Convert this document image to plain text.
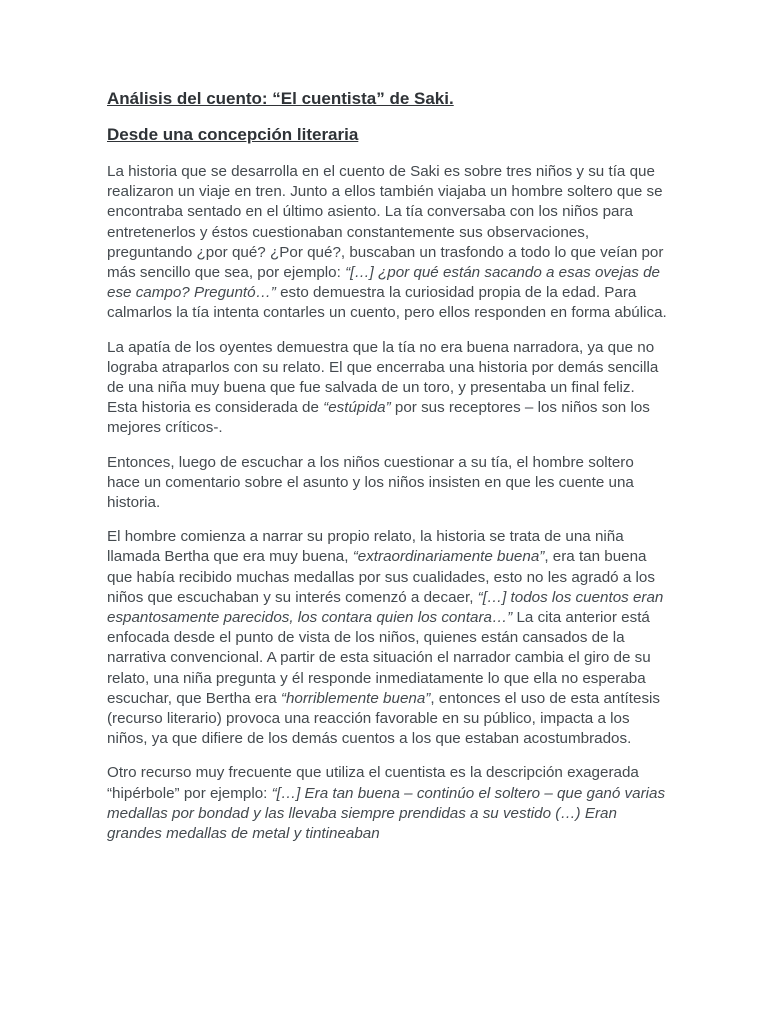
Análisis del cuento: “El cuentista” de Saki.
Desde una concepción literaria

La historia que se desarrolla en el cuento de Saki es sobre tres niños y su tía que realizaron un viaje en tren. Junto a ellos también viajaba un hombre soltero que se encontraba sentado en el último asiento. La tía conversaba con los niños para entretenerlos y éstos cuestionaban constantemente sus observaciones, preguntando ¿por qué? ¿Por qué?, buscaban un trasfondo a todo lo que veían por más sencillo que sea, por ejemplo: “[…] ¿por qué están sacando a esas ovejas de ese campo? Preguntó…” esto demuestra la curiosidad propia de la edad. Para calmarlos la tía intenta contarles un cuento, pero ellos responden en forma abúlica.

La apatía de los oyentes demuestra que la tía no era buena narradora, ya que no lograba atraparlos con su relato. El que encerraba una historia por demás sencilla de una niña muy buena que fue salvada de un toro, y presentaba un final feliz. Esta historia es considerada de “estúpida” por sus receptores – los niños son los mejores críticos-.

Entonces, luego de escuchar a los niños cuestionar a su tía, el hombre soltero hace un comentario sobre el asunto y los niños insisten en que les cuente una historia.

El hombre comienza a narrar su propio relato, la historia se trata de una niña llamada Bertha que era muy buena, “extraordinariamente buena”, era tan buena que había recibido muchas medallas por sus cualidades, esto no les agradó a los niños que escuchaban y su interés comenzó a decaer, “[…] todos los cuentos eran espantosamente parecidos, los contara quien los contara…” La cita anterior está enfocada desde el punto de vista de los niños, quienes están cansados de la narrativa convencional. A partir de esta situación el narrador cambia el giro de su relato, una niña pregunta y él responde inmediatamente lo que ella no esperaba escuchar, que Bertha era “horriblemente buena”, entonces el uso de esta antítesis (recurso literario) provoca una reacción favorable en su público, impacta a los niños, ya que difiere de los demás cuentos a los que estaban acostumbrados.

Otro recurso muy frecuente que utiliza el cuentista es la descripción exagerada “hipérbole” por ejemplo: “[…] Era tan buena – continúo el soltero – que ganó varias medallas por bondad y las llevaba siempre prendidas a su vestido (…) Eran grandes medallas de metal y tintineaban
